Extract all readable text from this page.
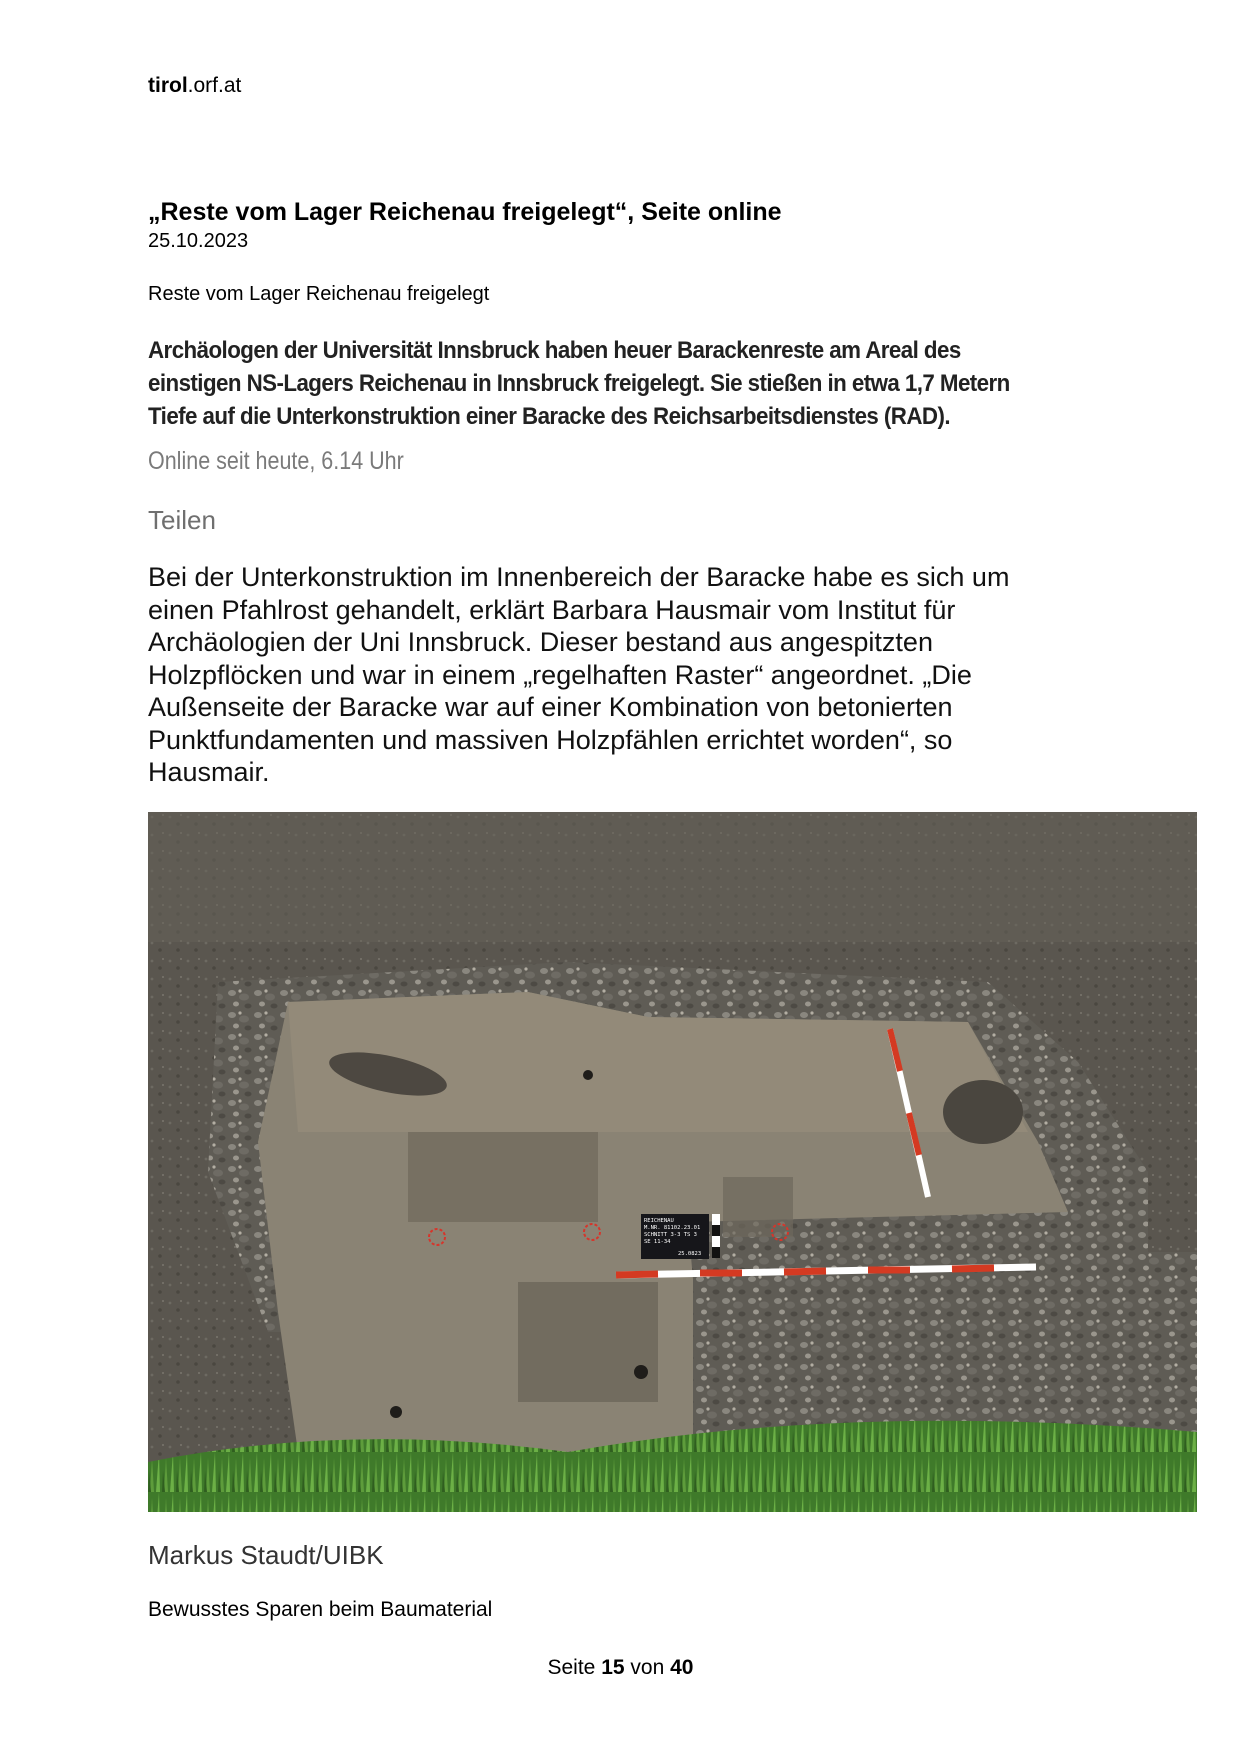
tirol.orf.at
„Reste vom Lager Reichenau freigelegt“, Seite online
25.10.2023
Reste vom Lager Reichenau freigelegt
Archäologen der Universität Innsbruck haben heuer Barackenreste am Areal des einstigen NS-Lagers Reichenau in Innsbruck freigelegt. Sie stießen in etwa 1,7 Metern Tiefe auf die Unterkonstruktion einer Baracke des Reichsarbeitsdienstes (RAD).
Online seit heute, 6.14 Uhr
Teilen
Bei der Unterkonstruktion im Innenbereich der Baracke habe es sich um
einen Pfahlrost gehandelt, erklärt Barbara Hausmair vom Institut für
Archäologien der Uni Innsbruck. Dieser bestand aus angespitzten
Holzpflöcken und war in einem „regelhaften Raster“ angeordnet. „Die
Außenseite der Baracke war auf einer Kombination von betonierten
Punktfundamenten und massiven Holzpfählen errichtet worden“, so
Hausmair.
REICHENAU
M.NR. 81102.23.01
SCHNITT 3-3 TS 3
SE 11-34
25.0823
Markus Staudt/UIBK
Bewusstes Sparen beim Baumaterial
Seite 15 von 40
